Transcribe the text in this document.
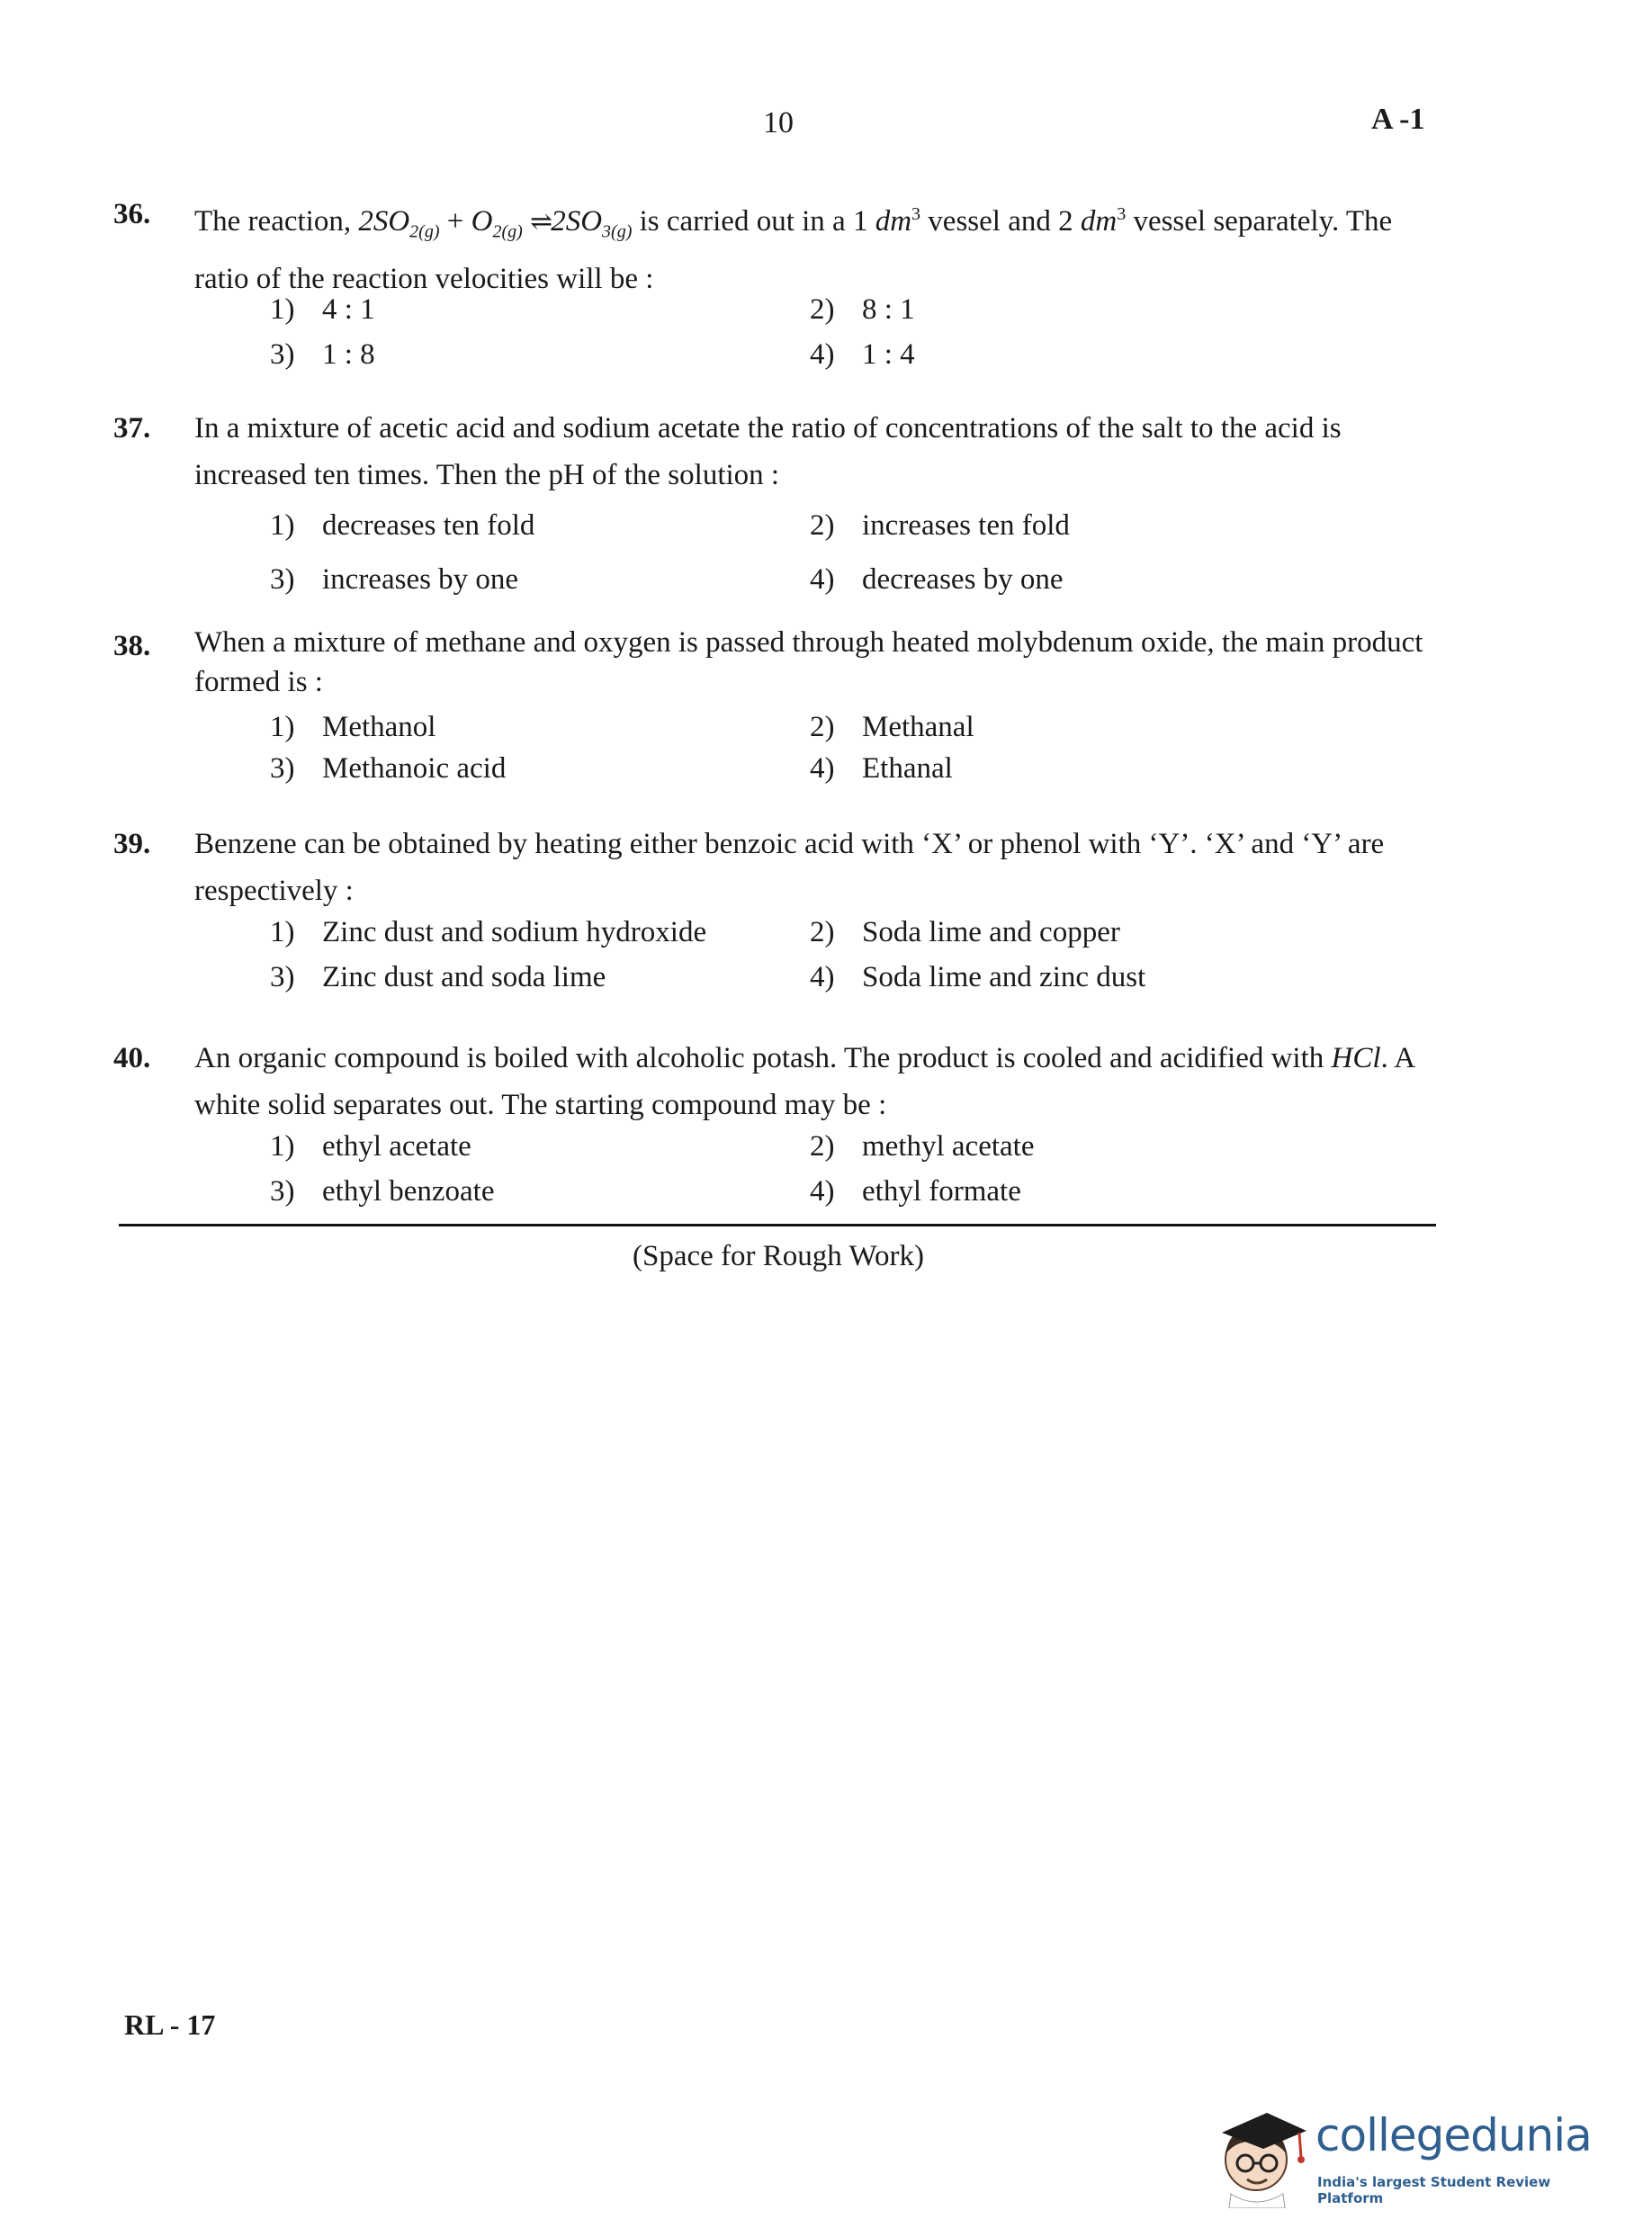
10	A -1
36. The reaction, $2SO_{2(g)} + O_{2(g)}$ $\rightleftharpoons 2SO_{3(g)}$ is carried out in a 1 $dm^3$ vessel and 2 $dm^3$ vessel separately. The ratio of the reaction velocities will be :
1) 4 : 1	2) 8 : 1
3) 1 : 8	4) 1 : 4
37. In a mixture of acetic acid and sodium acetate the ratio of concentrations of the salt to the acid is increased ten times. Then the pH of the solution :
1) decreases ten fold	2) increases ten fold
3) increases by one	4) decreases by one
38. When a mixture of methane and oxygen is passed through heated molybdenum oxide, the main product formed is :
1) Methanol	2) Methanal
3) Methanoic acid	4) Ethanal
39. Benzene can be obtained by heating either benzoic acid with ‘X’ or phenol with ‘Y’. ‘X’ and ‘Y’ are respectively :
1) Zinc dust and sodium hydroxide	2) Soda lime and copper
3) Zinc dust and soda lime	4) Soda lime and zinc dust
40. An organic compound is boiled with alcoholic potash. The product is cooled and acidified with HCl. A white solid separates out. The starting compound may be :
1) ethyl acetate	2) methyl acetate
3) ethyl benzoate	4) ethyl formate
(Space for Rough Work)
RL - 17
collegedunia
India's largest Student Review Platform
